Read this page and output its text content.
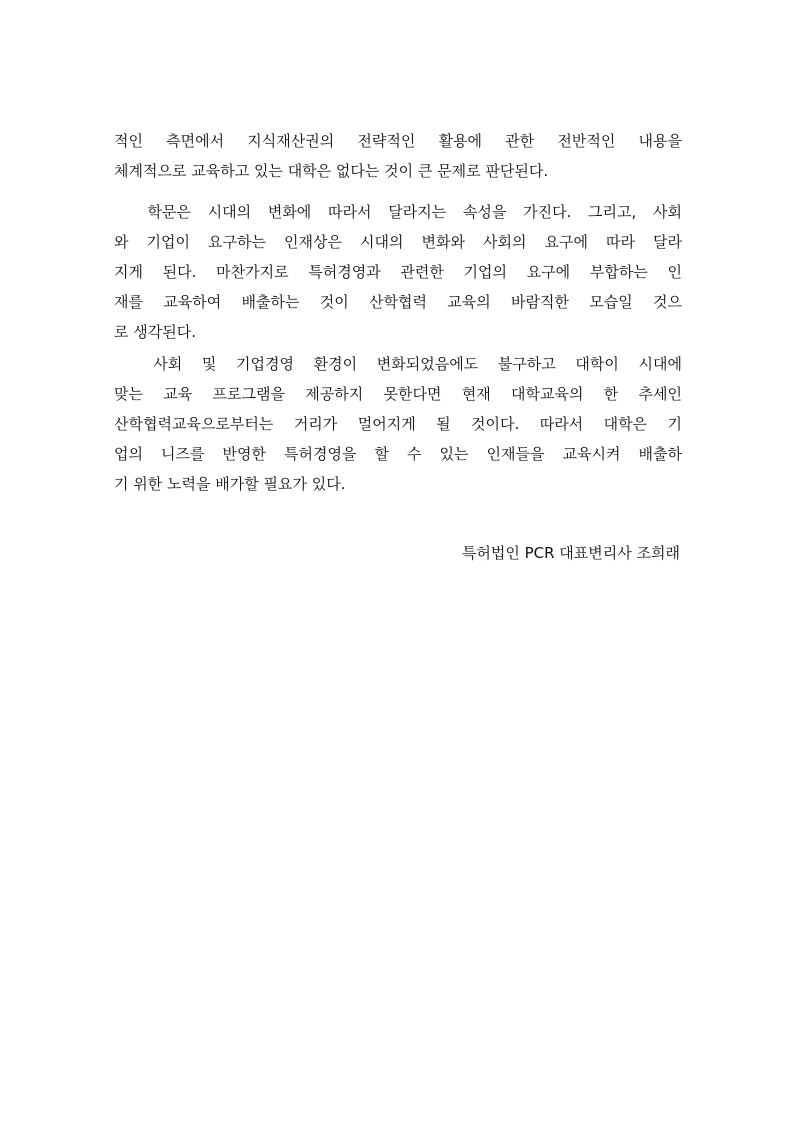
적인 측면에서 지식재산권의 전략적인 활용에 관한 전반적인 내용을
체계적으로 교육하고 있는 대학은 없다는 것이 큰 문제로 판단된다.
학문은 시대의 변화에 따라서 달라지는 속성을 가진다. 그리고, 사회
와 기업이 요구하는 인재상은 시대의 변화와 사회의 요구에 따라 달라
지게 된다. 마찬가지로 특허경영과 관련한 기업의 요구에 부합하는 인
재를 교육하여 배출하는 것이 산학협력 교육의 바람직한 모습일 것으
로 생각된다.
사회 및 기업경영 환경이 변화되었음에도 불구하고 대학이 시대에
맞는 교육 프로그램을 제공하지 못한다면 현재 대학교육의 한 추세인
산학협력교육으로부터는 거리가 멀어지게 될 것이다. 따라서 대학은 기
업의 니즈를 반영한 특허경영을 할 수 있는 인재들을 교육시켜 배출하
기 위한 노력을 배가할 필요가 있다.
특허법인 PCR 대표변리사 조희래
